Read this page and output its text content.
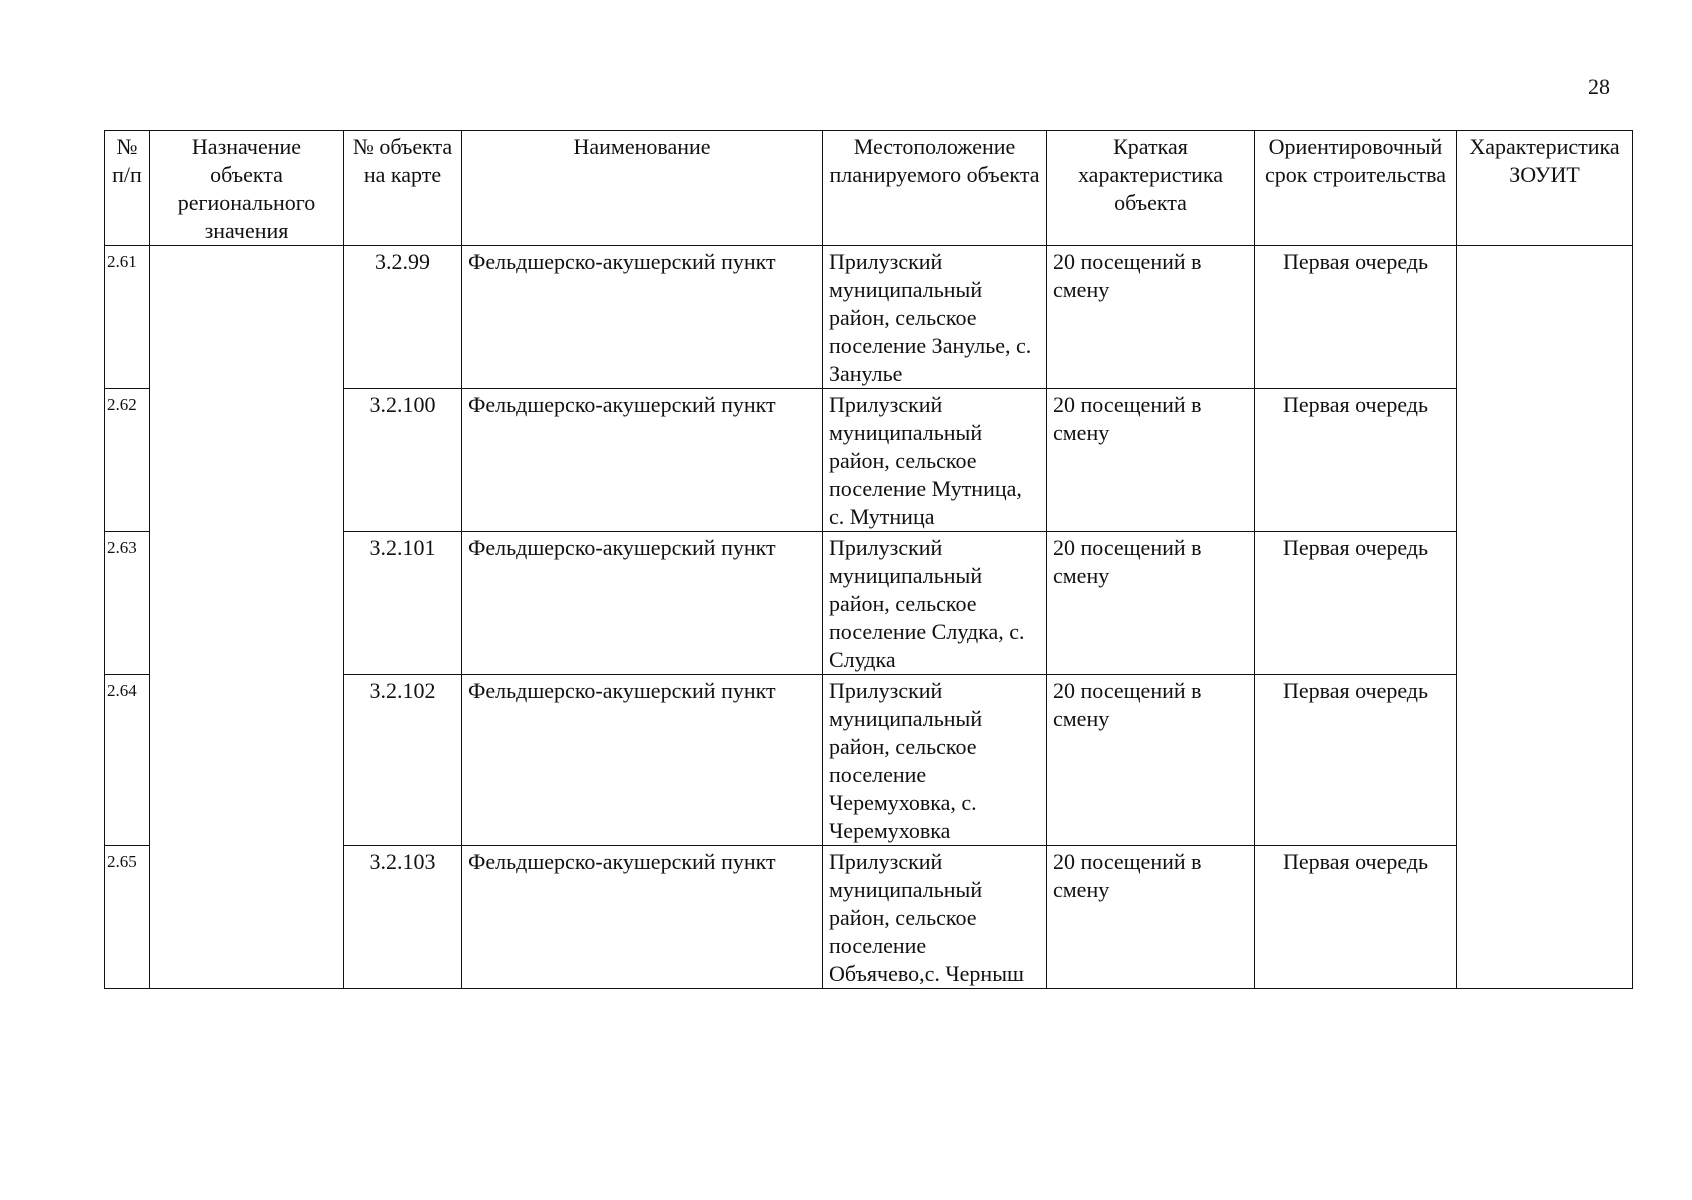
28
№ п/п	Назначение объекта регионального значения	№ объекта на карте	Наименование	Местоположение планируемого объекта	Краткая характеристика объекта	Ориентировочный срок строительства	Характеристика ЗОУИТ
2.61		3.2.99	Фельдшерско-акушерский пункт	Прилузский муниципальный район, сельское поселение Занулье, с. Занулье	20 посещений в смену	Первая очередь	
2.62		3.2.100	Фельдшерско-акушерский пункт	Прилузский муниципальный район, сельское поселение Мутница, с. Мутница	20 посещений в смену	Первая очередь	
2.63		3.2.101	Фельдшерско-акушерский пункт	Прилузский муниципальный район, сельское поселение Слудка, с. Слудка	20 посещений в смену	Первая очередь	
2.64		3.2.102	Фельдшерско-акушерский пункт	Прилузский муниципальный район, сельское поселение Черемуховка, с. Черемуховка	20 посещений в смену	Первая очередь	
2.65		3.2.103	Фельдшерско-акушерский пункт	Прилузский муниципальный район, сельское поселение Объячево,с. Черныш	20 посещений в смену	Первая очередь	
